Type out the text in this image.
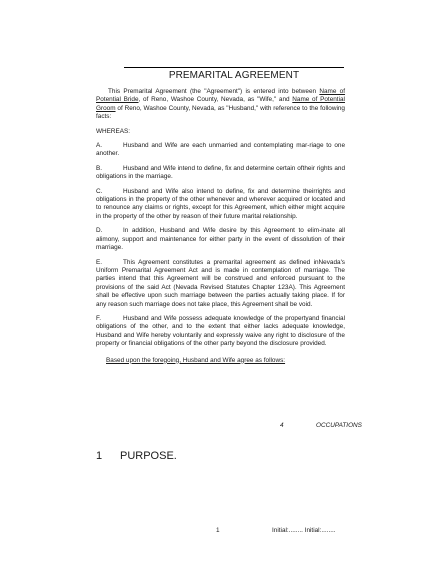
PREMARITAL AGREEMENT

This Premarital Agreement (the "Agreement") is entered into between Name of Potential Bride, of Reno, Washoe County, Nevada, as "Wife," and Name of Potential Groom of Reno, Washoe County, Nevada, as "Husband," with reference to the following facts:

WHEREAS:

A.	Husband and Wife are each unmarried and contemplating mar-riage to one another.

B.	Husband and Wife intend to define, fix and determine certain oftheir rights and obligations in the marriage.

C.	Husband and Wife also intend to define, fix and determine theirrights and obligations in the property of the other whenever and wherever acquired or located and to renounce any claims or rights, except for this Agreement, which either might acquire in the property of the other by reason of their future marital relationship.

D.	In addition, Husband and Wife desire by this Agreement to elim-inate all alimony, support and maintenance for either party in the event of dissolution of their marriage.

E.	This Agreement constitutes a premarital agreement as defined inNevada's Uniform Premarital Agreement Act and is made in contemplation of marriage. The parties intend that this Agreement will be construed and enforced pursuant to the provisions of the said Act (Nevada Revised Statutes Chapter 123A). This Agreement shall be effective upon such marriage between the parties actually taking place. If for any reason such marriage does not take place, this Agreement shall be void.

F.	Husband and Wife possess adequate knowledge of the propertyand financial obligations of the other, and to the extent that either lacks adequate knowledge, Husband and Wife hereby voluntarily and expressly waive any right to disclosure of the property or financial obligations of the other party beyond the disclosure provided.

Based upon the foregoing, Husband and Wife agree as follows:

4	OCCUPATIONS
1 PURPOSE.
1	Initial:........ Initial:........
